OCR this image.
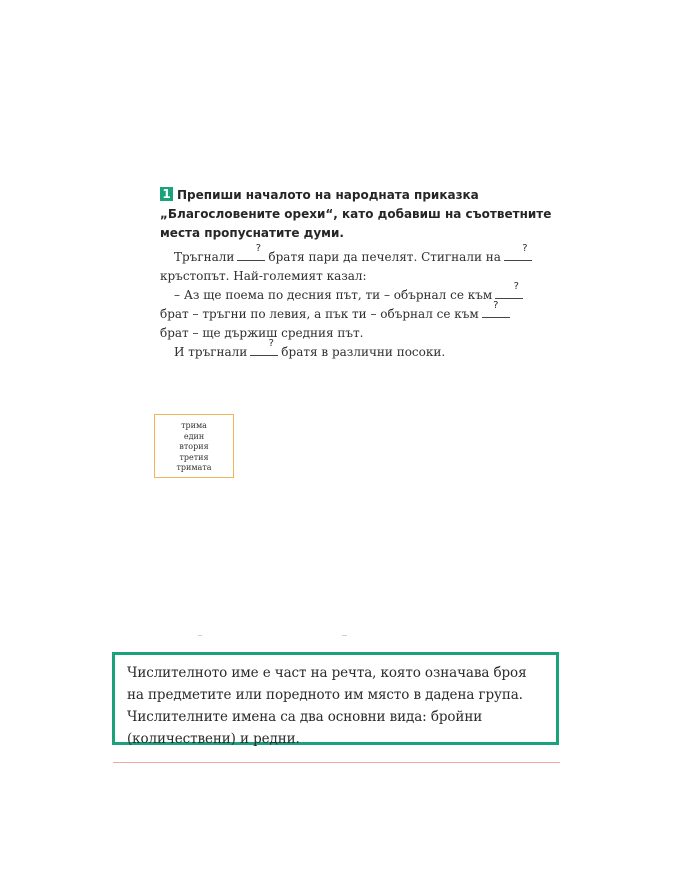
1 Препиши началото на народната приказка „Благословените орехи“, като добавиш на съответните места пропуснатите думи.

Тръгнали
?
братя пари да печелят. Стигнали на
?

кръстопът. Най-големият казал:

– Аз ще поема по десния път, ти – обърнал се към
?

брат – тръгни по левия, а пък ти – обърнал се към
?

брат – ще държиш средния път.

И тръгнали
?
братя в различни посоки.

трима
един
втория
третия
тримата
Числителното име е част на речта, която означава броя на предметите или поредното им място в дадена група. Числителните имена са два основни вида: бройни (количествени) и редни.
